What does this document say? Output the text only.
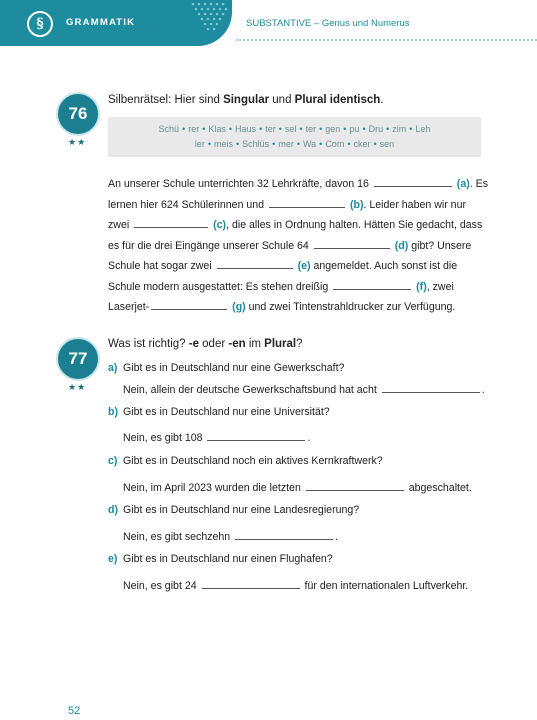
§	GRAMMATIK	SUBSTANTIVE – Genus und Numerus
76
★★
Silbenrätsel: Hier sind Singular und Plural identisch.
Schü • rer • Klas • Haus • ter • sel • ter • gen • pu • Dru • zim • Leh
ler • meis • Schlüs • mer • Wa • Com • cker • sen
An unserer Schule unterrichten 32 Lehrkräfte, davon 16	(a). Es lernen hier 624 Schülerinnen und	(b). Leider haben wir nur zwei	(c), die alles in Ordnung halten. Hätten Sie gedacht, dass es für die drei Eingänge unserer Schule 64	(d) gibt? Unsere Schule hat sogar zwei	(e) angemeldet. Auch sonst ist die Schule modern ausgestattet: Es stehen dreißig	(f), zwei Laserjet-	(g) und zwei Tintenstrahldrucker zur Verfügung.
77
★★
Was ist richtig? -e oder -en im Plural?
a) Gibt es in Deutschland nur eine Gewerkschaft?
Nein, allein der deutsche Gewerkschaftsbund hat acht	.
b) Gibt es in Deutschland nur eine Universität?
Nein, es gibt 108	.
c) Gibt es in Deutschland noch ein aktives Kernkraftwerk?
Nein, im April 2023 wurden die letzten	abgeschaltet.
d) Gibt es in Deutschland nur eine Landesregierung?
Nein, es gibt sechzehn	.
e) Gibt es in Deutschland nur einen Flughafen?
Nein, es gibt 24	für den internationalen Luftverkehr.
52
